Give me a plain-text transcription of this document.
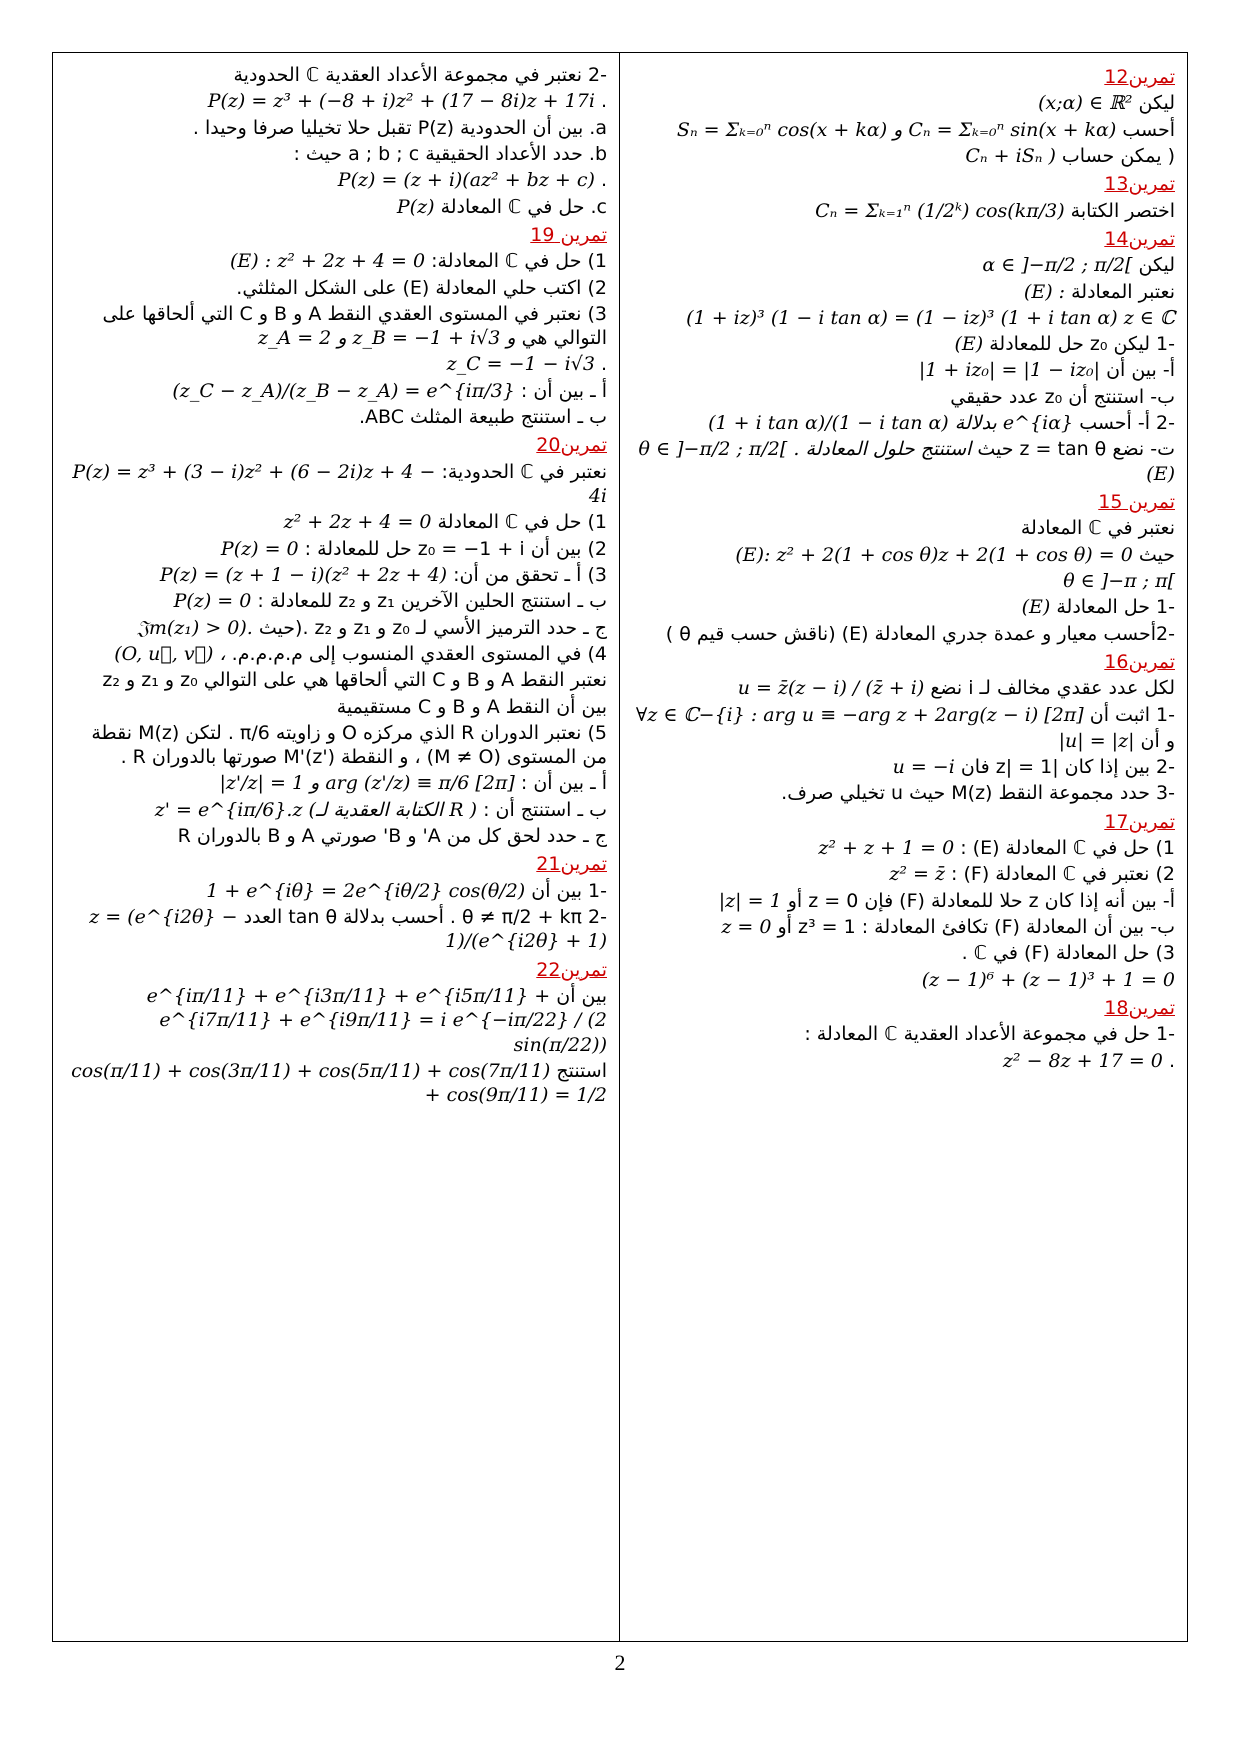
-2 نعتبر في مجموعة الأعداد العقدية ℂ الحدودية
. P(z) = z³ + (−8 + i)z² + (17 − 8i)z + 17i
a. بين أن الحدودية P(z) تقبل حلا تخيليا صرفا وحيدا .
b. حدد الأعداد الحقيقية a ; b ; c حيث :
. P(z) = (z + i)(az² + bz + c)
c. حل في ℂ المعادلة P(z)
تمرين 19
1) حل في ℂ المعادلة: (E) : z² + 2z + 4 = 0
2) اكتب حلي المعادلة (E) على الشكل المثلثي.
3) نعتبر في المستوى العقدي النقط A و B و C التي ألحاقها على التوالي هي z_A = 2 و z_B = −1 + i√3 و
. z_C = −1 − i√3
أ ـ بين أن : (z_C − z_A)/(z_B − z_A) = e^{iπ/3}
ب ـ استنتج طبيعة المثلث ABC.
تمرين20
نعتبر في ℂ الحدودية: P(z) = z³ + (3 − i)z² + (6 − 2i)z + 4 − 4i
1) حل في ℂ المعادلة z² + 2z + 4 = 0
2) بين أن z₀ = −1 + i حل للمعادلة : P(z) = 0
3) أ ـ تحقق من أن: P(z) = (z + 1 − i)(z² + 2z + 4)
ب ـ استنتج الحلين الآخرين z₁ و z₂ للمعادلة : P(z) = 0
ج ـ حدد الترميز الأسي لـ z₀ و z₁ و z₂ .(حيث 𝔍m(z₁) > 0).
4) في المستوى العقدي المنسوب إلى م.م.م.م. (O, u⃗, v⃗) ،
نعتبر النقط A و B و C التي ألحاقها هي على التوالي z₀ و z₁ و z₂
بين أن النقط A و B و C مستقيمية
5) نعتبر الدوران R الذي مركزه O و زاويته π/6 . لتكن M(z) نقطة من المستوى (M ≠ O) ، و النقطة M'(z') صورتها بالدوران R .
أ ـ بين أن : |z'/z| = 1 و arg (z'/z) ≡ π/6 [2π]
ب ـ استنتج أن : z' = e^{iπ/6}.z (الكتابة العقدية لـ R )
ج ـ حدد لحق كل من A' و B' صورتي A و B بالدوران R
تمرين21
-1 بين أن 1 + e^{iθ} = 2e^{iθ/2} cos(θ/2)
-2 θ ≠ π/2 + kπ . أحسب بدلالة tan θ العدد z = (e^{i2θ} − 1)/(e^{i2θ} + 1)
تمرين22
بين أن e^{iπ/11} + e^{i3π/11} + e^{i5π/11} + e^{i7π/11} + e^{i9π/11} = i e^{−iπ/22} / (2 sin(π/22))
استنتج cos(π/11) + cos(3π/11) + cos(5π/11) + cos(7π/11) + cos(9π/11) = 1/2
تمرين12
ليكن (x;α) ∈ ℝ²
أحسب Sₙ = Σₖ₌₀ⁿ cos(x + kα) و Cₙ = Σₖ₌₀ⁿ sin(x + kα)
( يمكن حساب Cₙ + iSₙ )
تمرين13
اختصر الكتابة Cₙ = Σₖ₌₁ⁿ (1/2ᵏ) cos(kπ/3)
تمرين14
ليكن α ∈ ]−π/2 ; π/2[
نعتبر المعادلة (E) :
(1 + iz)³ (1 − i tan α) = (1 − iz)³ (1 + i tan α) z ∈ ℂ
-1 ليكن z₀ حل للمعادلة (E)
أ- بين أن |1 + iz₀| = |1 − iz₀|
ب- استنتج أن z₀ عدد حقيقي
-2 أ- أحسب (1 + i tan α)/(1 − i tan α) بدلالة e^{iα}
ت- نضع z = tan θ حيث θ ∈ ]−π/2 ; π/2[ . استنتج حلول المعادلة (E)
تمرين 15
نعتبر في ℂ المعادلة
حيث (E): z² + 2(1 + cos θ)z + 2(1 + cos θ) = 0
θ ∈ ]−π ; π[
-1 حل المعادلة (E)
-2أحسب معيار و عمدة جدري المعادلة (E) (ناقش حسب قيم θ )
تمرين16
لكل عدد عقدي مخالف لـ i نضع u = z̄(z − i) / (z̄ + i)
-1 اثبت أن ∀z ∈ ℂ−{i} : arg u ≡ −arg z + 2arg(z − i) [2π]
و أن |u| = |z|
-2 بين إذا كان |z| = 1 فان u = −i
-3 حدد مجموعة النقط M(z) حيث u تخيلي صرف.
تمرين17
1) حل في ℂ المعادلة (E) : z² + z + 1 = 0
2) نعتبر في ℂ المعادلة (F) : z² = z̄
أ- بين أنه إذا كان z حلا للمعادلة (F) فإن z = 0 أو |z| = 1
ب- بين أن المعادلة (F) تكافئ المعادلة : z³ = 1 أو z = 0
3) حل المعادلة (F) في ℂ .
(z − 1)⁶ + (z − 1)³ + 1 = 0
تمرين18
-1 حل في مجموعة الأعداد العقدية ℂ المعادلة :
. z² − 8z + 17 = 0
2
